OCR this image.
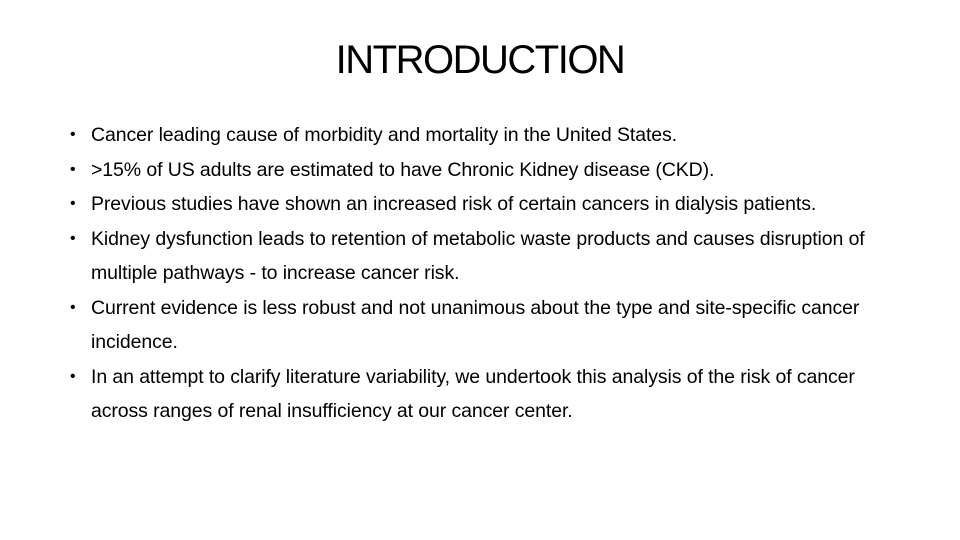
INTRODUCTION
• Cancer leading cause of morbidity and mortality in the United States.
• >15% of US adults are estimated to have Chronic Kidney disease (CKD).
• Previous studies have shown an increased risk of certain cancers in dialysis patients.
• Kidney dysfunction leads to retention of metabolic waste products and causes disruption of multiple pathways - to increase cancer risk.
• Current evidence is less robust and not unanimous about the type and site-specific cancer incidence.
• In an attempt to clarify literature variability, we undertook this analysis of the risk of cancer across ranges of renal insufficiency at our cancer center.
